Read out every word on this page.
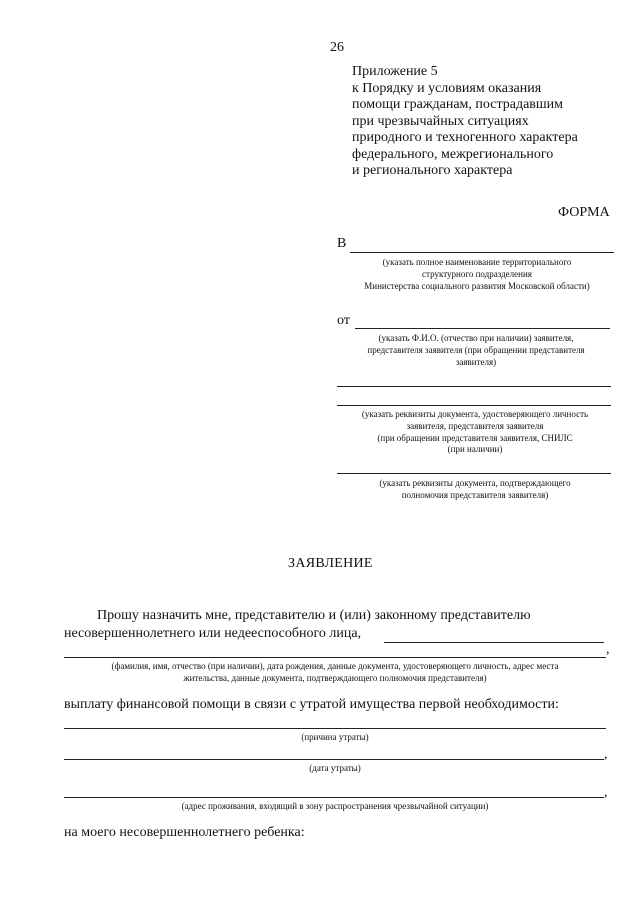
26
Приложение 5
к Порядку и условиям оказания
помощи гражданам, пострадавшим
при чрезвычайных ситуациях
природного и техногенного характера
федерального, межрегионального
и регионального характера
ФОРМА
В
(указать полное наименование территориального
структурного подразделения
Министерства социального развития Московской области)
от
(указать Ф.И.О. (отчество при наличии) заявителя,
представителя заявителя (при обращении представителя
заявителя)
(указать реквизиты документа, удостоверяющего личность
заявителя, представителя заявителя
(при обращении представителя заявителя, СНИЛС
(при наличии)
(указать реквизиты документа, подтверждающего
полномочия представителя заявителя)
ЗАЯВЛЕНИЕ
Прошу назначить мне, представителю и (или) законному представителю
несовершеннолетнего или недееспособного лица,
,
(фамилия, имя, отчество (при наличии), дата рождения, данные документа, удостоверяющего личность, адрес места
жительства, данные документа, подтверждающего полномочия представителя)
выплату финансовой помощи в связи с утратой имущества первой необходимости:
(причина утраты)
,
(дата утраты)
,
(адрес проживания, входящий в зону распространения чрезвычайной ситуации)
на моего несовершеннолетнего ребенка:
